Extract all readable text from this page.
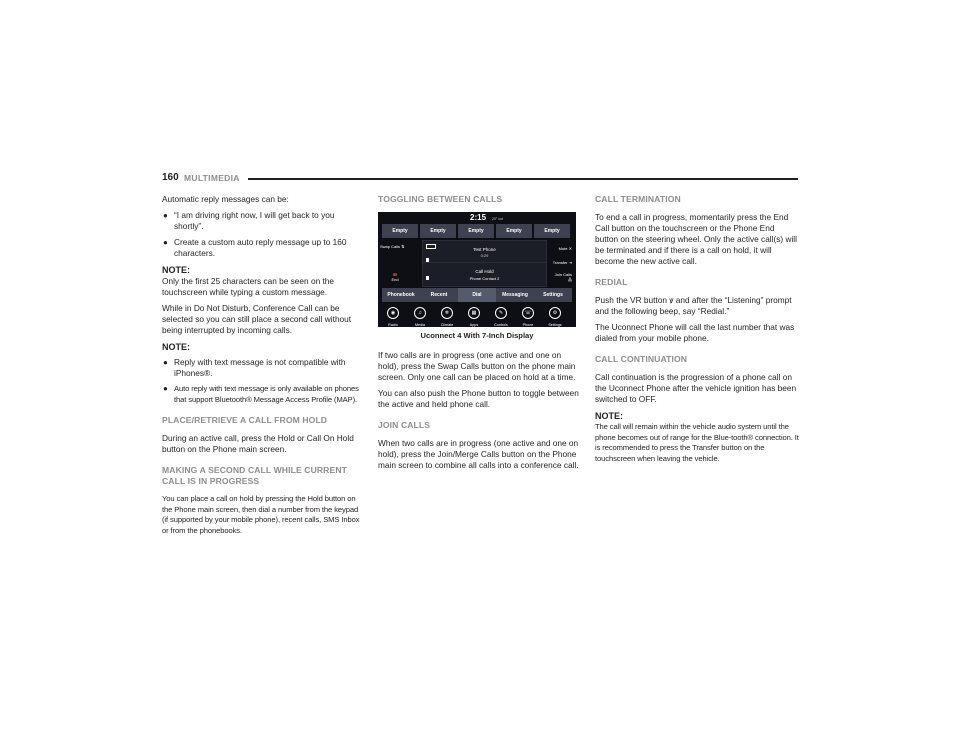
160 MULTIMEDIA

Automatic reply messages can be:

● “I am driving right now, I will get back to you shortly”.
● Create a custom auto reply message up to 160 characters.
NOTE:

Only the first 25 characters can be seen on the touchscreen while typing a custom message.

While in Do Not Disturb, Conference Call can be selected so you can still place a second call without being interrupted by incoming calls.

NOTE:
● Reply with text message is not compatible with iPhones®.
● Auto reply with text message is only available on phones that support Bluetooth® Message Access Profile (MAP).
PLACE/RETRIEVE A CALL FROM HOLD

During an active call, press the Hold or Call On Hold button on the Phone main screen.

MAKING A SECOND CALL WHILE CURRENT CALL IS IN PROGRESS

You can place a call on hold by pressing the Hold button on the Phone main screen, then dial a number from the keypad (if supported by your mobile phone), recent calls, SMS Inbox or from the phonebooks.

TOGGLING BETWEEN CALLS
2:15 20° out
Empty	Empty	Empty	Empty	Empty
Swap Calls ⇅
☎
End
Test Phone
0:29
Call Hold
Phone Contact 2
Mute ✕
Transfer ⇥
Join Calls ⁂
Phonebook	Recent	Dial	Messaging	Settings
◉
Radio
♫
Media
❄
Climate
▦
Apps
✎
Controls
☏
Phone
⚙
Settings
Uconnect 4 With 7-Inch Display

If two calls are in progress (one active and one on hold), press the Swap Calls button on the phone main screen. Only one call can be placed on hold at a time.

You can also push the Phone button to toggle between the active and held phone call.

JOIN CALLS

When two calls are in progress (one active and one on hold), press the Join/Merge Calls button on the Phone main screen to combine all calls into a conference call.

CALL TERMINATION

To end a call in progress, momentarily press the End Call button on the touchscreen or the Phone End button on the steering wheel. Only the active call(s) will be terminated and if there is a call on hold, it will become the new active call.

REDIAL

Push the VR button ꝟ and after the “Listening” prompt and the following beep, say “Redial.”

The Uconnect Phone will call the last number that was dialed from your mobile phone.

CALL CONTINUATION

Call continuation is the progression of a phone call on the Uconnect Phone after the vehicle ignition has been switched to OFF.

NOTE:

The call will remain within the vehicle audio system until the phone becomes out of range for the Blue-tooth® connection. It is recommended to press the Transfer button on the touchscreen when leaving the vehicle.
